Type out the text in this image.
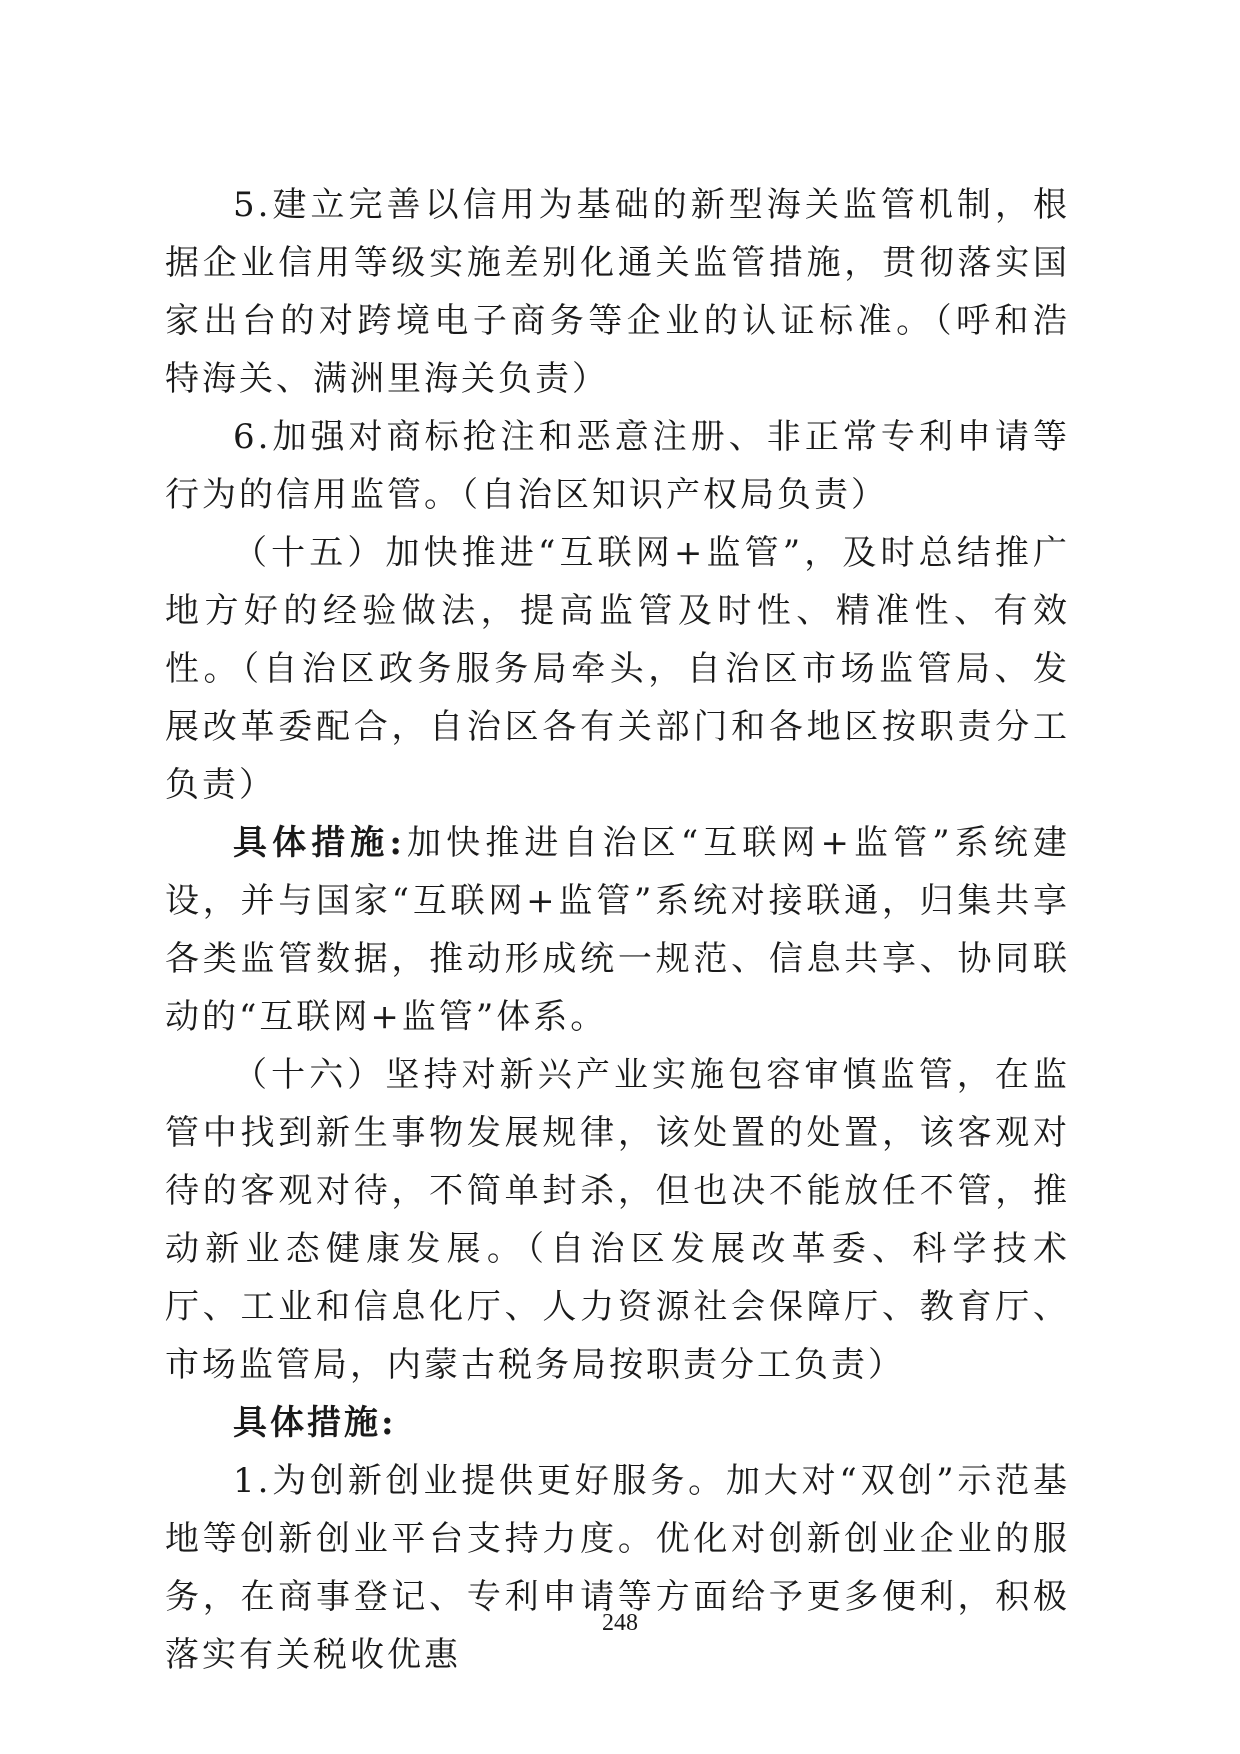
5.建立完善以信用为基础的新型海关监管机制，根据企业信用等级实施差别化通关监管措施，贯彻落实国家出台的对跨境电子商务等企业的认证标准。（呼和浩特海关、满洲里海关负责）

6.加强对商标抢注和恶意注册、非正常专利申请等行为的信用监管。（自治区知识产权局负责）

（十五）加快推进“互联网+监管”，及时总结推广地方好的经验做法，提高监管及时性、精准性、有效性。（自治区政务服务局牵头，自治区市场监管局、发展改革委配合，自治区各有关部门和各地区按职责分工负责）

具体措施:加快推进自治区“互联网+监管”系统建设，并与国家“互联网+监管”系统对接联通，归集共享各类监管数据，推动形成统一规范、信息共享、协同联动的“互联网+监管”体系。

（十六）坚持对新兴产业实施包容审慎监管，在监管中找到新生事物发展规律，该处置的处置，该客观对待的客观对待，不简单封杀，但也决不能放任不管，推动新业态健康发展。（自治区发展改革委、科学技术厅、工业和信息化厅、人力资源社会保障厅、教育厅、市场监管局，内蒙古税务局按职责分工负责）

具体措施:

1.为创新创业提供更好服务。加大对“双创”示范基地等创新创业平台支持力度。优化对创新创业企业的服务，在商事登记、专利申请等方面给予更多便利，积极落实有关税收优惠

248
